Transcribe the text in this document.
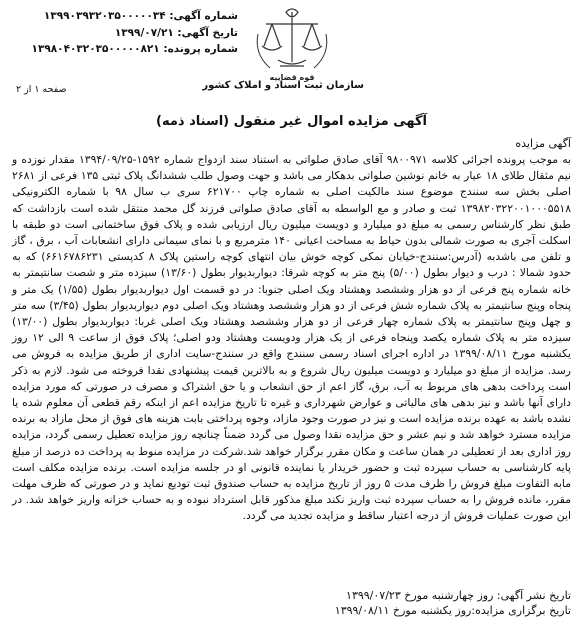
شماره آگهی: ۱۳۹۹۰۳۹۳۲۰۳۵۰۰۰۰۰۳۴
تاریخ آگهی: ۱۳۹۹/۰۷/۲۱
شماره پرونده: ۱۳۹۸۰۴۰۳۲۰۳۵۰۰۰۰۰۸۲۱
قوه قضاییه
سازمان ثبت اسناد و املاک کشور
صفحه ۱ از ۲
آگهی مزایده اموال غیر منقول (اسناد ذمه)
آگهی مزایده
به موجب پرونده اجرائی کلاسه ۹۸۰۰۹۷۱ آقای صادق صلواتی به استناد سند ازدواج شماره ۱۵۹۲-۱۳۹۴/۰۹/۲۵ مقدار نوزده و نیم مثقال طلای ۱۸ عیار به خانم نوشین صلواتی بدهکار می باشد و جهت وصول طلب ششدانگ پلاک ثبتی ۱۳۵ فرعی از ۲۶۸۱ اصلی بخش سه سنندج موضوع سند مالکیت اصلی به شماره چاپ ۶۲۱۷۰۰ سری ب سال ۹۸ با شماره الکترونیکی ۱۳۹۸۲۰۳۲۲۰۰۱۰۰۰۵۵۱۸ ثبت و صادر و مع الواسطه به آقای صادق صلواتی فرزند گل محمد منتقل شده است بازداشت که طبق نظر کارشناس رسمی به مبلغ دو میلیارد و دویست میلیون ریال ارزیابی شده و پلاک فوق ساختمانی است دو طبقه با اسکلت آجری به صورت شمالی بدون حیاط به مساحت اعیانی ۱۴۰ مترمربع و با نمای سیمانی دارای انشعابات آب ، برق ، گاز و تلفن می باشدبه (آدرس:سنندج-خیابان نمکی کوچه خوش بیان انتهای کوچه راستین پلاک ۸ کدپستی ۶۶۱۶۷۸۶۲۳۱) که به حدود شمالا : درب و دیوار بطول (۵/۰۰) پنج متر به کوچه شرقا: دیواربدیوار بطول (۱۳/۶۰) سیزده متر و شصت سانتیمتر به خانه شماره پنج فرعی از دو هزار وششصد وهشتاد ویک اصلی جنوبا: در دو قسمت اول دیواربدیوار بطول (۱/۵۵) یک متر و پنجاه وپنج سانتیمتر به پلاک شماره شش فرعی از دو هزار وششصد وهشتاد ویک اصلی دوم دیواربدیوار بطول (۳/۴۵) سه متر و چهل وپنج سانتیمتر به پلاک شماره چهار فرعی از دو هزار وششصد وهشتاد ویک اصلی غربا: دیواربدیوار بطول (۱۳/۰۰) سیزده متر به پلاک شماره یکصد وپنجاه فرعی از یک هزار ودویست وهشتاد ودو اصلی؛ پلاک فوق از ساعت ۹ الی ۱۲ روز یکشنبه مورخ ۱۳۹۹/۰۸/۱۱ در اداره اجرای اسناد رسمی سنندج واقع در سنندج-سایت اداری از طریق مزایده به فروش می رسد. مزایده از مبلغ دو میلیارد و دویست میلیون ریال شروع و به بالاترین قیمت پیشنهادی نقدا فروخته می شود. لازم به ذکر است پرداخت بدهی های مربوط به آب، برق، گاز اعم از حق انشعاب و یا حق اشتراک و مصرف در صورتی که مورد مزایده دارای آنها باشد و نیز بدهی های مالیاتی و عوارض شهرداری و غیره تا تاریخ مزایده اعم از اینکه رقم قطعی آن معلوم شده یا نشده باشد به عهده برنده مزایده است و نیز در صورت وجود مازاد، وجوه پرداختی بابت هزینه های فوق از محل مازاد به برنده مزایده مسترد خواهد شد و نیم عشر و حق مزایده نقدا وصول می گردد ضمناً چنانچه روز مزایده تعطیل رسمی گردد، مزایده روز اداری بعد از تعطیلی در همان ساعت و مکان مقرر برگزار خواهد شد.شرکت در مزایده منوط به پرداخت ده درصد از مبلغ پایه کارشناسی به حساب سپرده ثبت و حضور خریدار یا نماینده قانونی او در جلسه مزایده است. برنده مزایده مکلف است مابه التفاوت مبلغ فروش را ظرف مدت ۵ روز از تاریخ مزایده به حساب صندوق ثبت تودیع نماید و در صورتی که ظرف مهلت مقرر، مانده فروش را به حساب سپرده ثبت واریز نکند مبلغ مذکور قابل استرداد نبوده و به حساب خزانه واریز خواهد شد. در این صورت عملیات فروش از درجه اعتبار ساقط و مزایده تجدید می گردد.
تاریخ نشر آگهی: روز چهارشنبه مورخ ۱۳۹۹/۰۷/۲۳
تاریخ برگزاری مزایده:روز یکشنبه مورخ ۱۳۹۹/۰۸/۱۱
